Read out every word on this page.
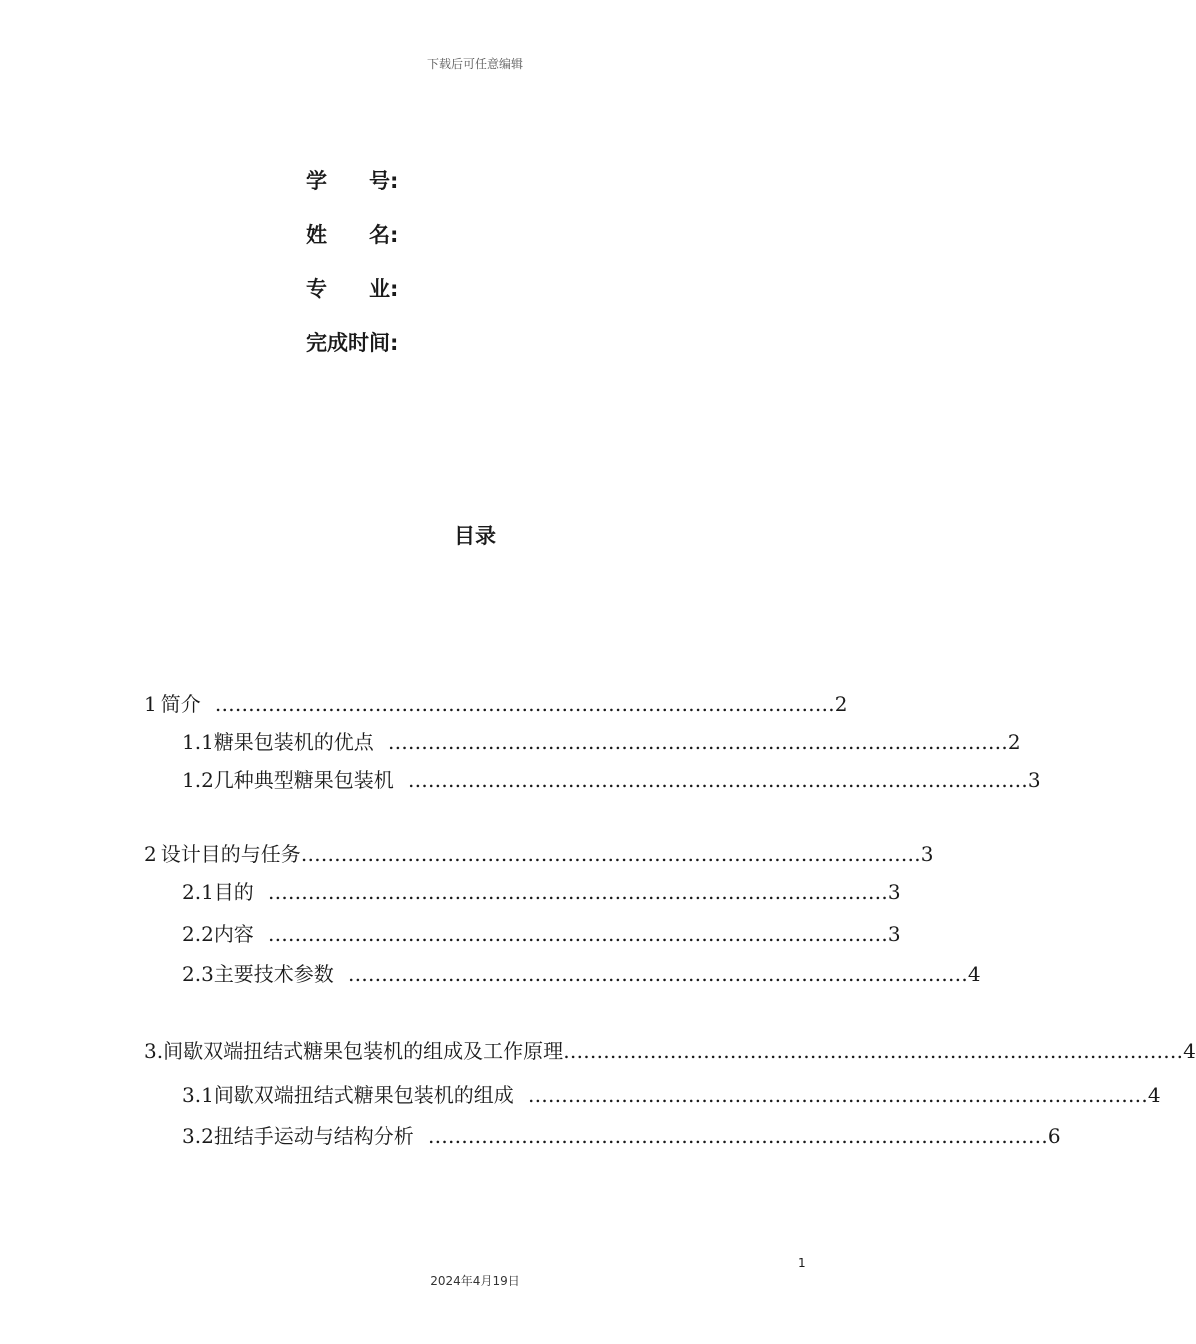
下载后可任意编辑
学　　号:
姓　　名:
专　　业:
完成时间:
目录
1 简介 ………………………………………………………………………………… 2
1.1 糖果包装机的优点 ………………………………………………………………………………… 2
1.2 几种典型糖果包装机 ………………………………………………………………………………… 3
2 设计目的与任务 ………………………………………………………………………………… 3
2.1 目的 ………………………………………………………………………………… 3
2.2 内容 ………………………………………………………………………………… 3
2.3 主要技术参数 ………………………………………………………………………………… 4
3. 间歇双端扭结式糖果包装机的组成及工作原理 ………………………………………………………………………………… 4
3.1 间歇双端扭结式糖果包装机的组成 ………………………………………………………………………………… 4
3.2 扭结手运动与结构分析 ………………………………………………………………………………… 6
1
2024年4月19日
